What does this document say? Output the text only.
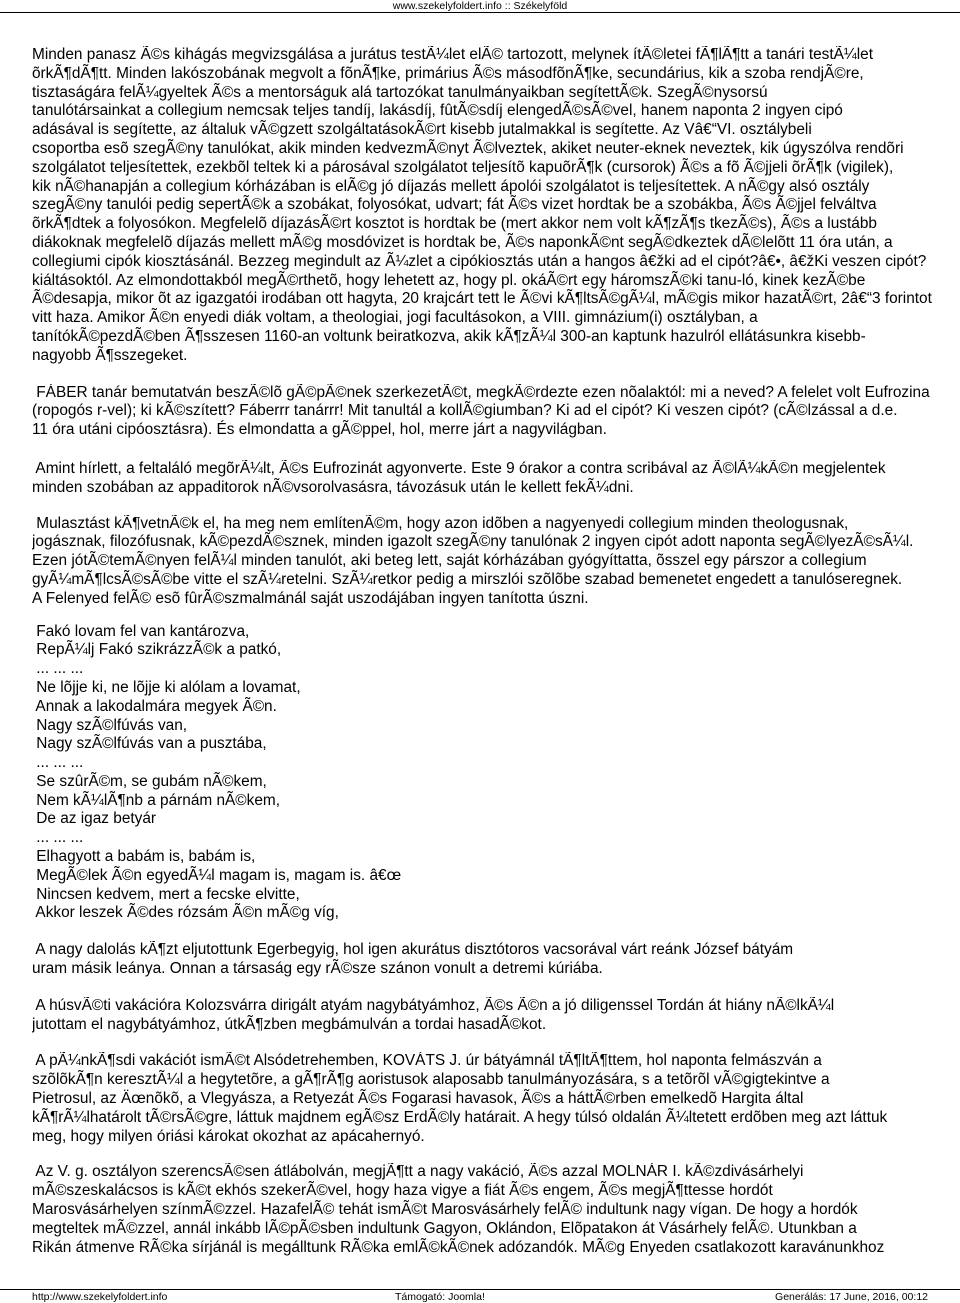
www.szekelyfoldert.info :: Székelyföld

Minden panasz Ã©s kihágás megvizsgálása a jurátus testÃ¼let elÃ© tartozott, melynek ítÃ©letei fÃ¶lÃ¶tt a tanári testÃ¼let
õrkÃ¶dÃ¶tt. Minden lakószobának megvolt a fõnÃ¶ke, primárius Ã©s másodfõnÃ¶ke, secundárius, kik a szoba rendjÃ©re,
tisztaságára felÃ¼gyeltek Ã©s a mentorságuk alá tartozókat tanulmányaikban segítettÃ©k. SzegÃ©nysorsú
tanulótársainkat a collegium nemcsak teljes tandíj, lakásdíj, fûtÃ©sdíj elengedÃ©sÃ©vel, hanem naponta 2 ingyen cipó
adásával is segítette, az általuk vÃ©gzett szolgáltatásokÃ©rt kisebb jutalmakkal is segítette. Az Vâ€“VI. osztálybeli
csoportba esõ szegÃ©ny tanulókat, akik minden kedvezmÃ©nyt Ã©lveztek, akiket neuter-eknek neveztek, kik úgyszólva rendõri
szolgálatot teljesítettek, ezekbõl teltek ki a párosával szolgálatot teljesítõ kapuõrÃ¶k (cursorok) Ã©s a fõ Ã©jjeli õrÃ¶k (vigilek),
kik nÃ©hanapján a collegium kórházában is elÃ©g jó díjazás mellett ápolói szolgálatot is teljesítettek. A nÃ©gy alsó osztály
szegÃ©ny tanulói pedig sepertÃ©k a szobákat, folyosókat, udvart; fát Ã©s vizet hordtak be a szobákba, Ã©s Ã©jjel felváltva
õrkÃ¶dtek a folyosókon. Megfelelõ díjazásÃ©rt kosztot is hordtak be (mert akkor nem volt kÃ¶zÃ¶s tkezÃ©s), Ã©s a lustább
diákoknak megfelelõ díjazás mellett mÃ©g mosdóvizet is hordtak be, Ã©s naponkÃ©nt segÃ©dkeztek dÃ©lelõtt 11 óra után, a
collegiumi cipók kiosztásánál. Bezzeg megindult az Ã¼zlet a cipókiosztás után a hangos â€žki ad el cipót?â€•, â€žKi veszen cipót?
kiáltásoktól. Az elmondottakból megÃ©rthetõ, hogy lehetett az, hogy pl. okáÃ©rt egy háromszÃ©ki tanu-ló, kinek kezÃ©be
Ã©desapja, mikor õt az igazgatói irodában ott hagyta, 20 krajcárt tett le Ã©vi kÃ¶ltsÃ©gÃ¼l, mÃ©gis mikor hazatÃ©rt, 2â€“3 forintot
vitt haza. Amikor Ã©n enyedi diák voltam, a theologiai, jogi facultásokon, a VIII. gimnázium(i) osztályban, a
tanítókÃ©pezdÃ©ben Ã¶sszesen 1160-an voltunk beiratkozva, akik kÃ¶zÃ¼l 300-an kaptunk hazulról ellátásunkra kisebb-
nagyobb Ã¶sszegeket.

FÁBER tanár bemutatván beszÃ©lõ gÃ©pÃ©nek szerkezetÃ©t, megkÃ©rdezte ezen nõalaktól: mi a neved? A felelet volt Eufrozina
(ropogós r-vel); ki kÃ©szített? Fáberrr tanárrr! Mit tanultál a kollÃ©giumban? Ki ad el cipót? Ki veszen cipót? (cÃ©lzással a d.e.
11 óra utáni cipóosztásra). És elmondatta a gÃ©ppel, hol, merre járt a nagyvilágban.

Amint hírlett, a feltaláló megõrÃ¼lt, Ã©s Eufrozinát agyonverte. Este 9 órakor a contra scribával az Ã©lÃ¼kÃ©n megjelentek
minden szobában az appaditorok nÃ©vsorolvasásra, távozásuk után le kellett fekÃ¼dni.

Mulasztást kÃ¶vetnÃ©k el, ha meg nem említenÃ©m, hogy azon idõben a nagyenyedi collegium minden theologusnak,
jogásznak, filozófusnak, kÃ©pezdÃ©sznek, minden igazolt szegÃ©ny tanulónak 2 ingyen cipót adott naponta segÃ©lyezÃ©sÃ¼l.
Ezen jótÃ©temÃ©nyen felÃ¼l minden tanulót, aki beteg lett, saját kórházában gyógyíttatta, õsszel egy párszor a collegium
gyÃ¼mÃ¶lcsÃ©sÃ©be vitte el szÃ¼retelni. SzÃ¼retkor pedig a mirszlói szõlõbe szabad bemenetet engedett a tanulóseregnek.
A Felenyed felÃ© esõ fûrÃ©szmalmánál saját uszodájában ingyen tanította úszni.

Fakó lovam fel van kantározva,
RepÃ¼lj Fakó szikrázzÃ©k a patkó,
... ... ...
Ne lõjje ki, ne lõjje ki alólam a lovamat,
Annak a lakodalmára megyek Ã©n.
Nagy szÃ©lfúvás van,
Nagy szÃ©lfúvás van a pusztába,
... ... ...
Se szûrÃ©m, se gubám nÃ©kem,
Nem kÃ¼lÃ¶nb a párnám nÃ©kem,
De az igaz betyár
... ... ...
Elhagyott a babám is, babám is,
MegÃ©lek Ã©n egyedÃ¼l magam is, magam is. â€œ
Nincsen kedvem, mert a fecske elvitte,
Akkor leszek Ã©des rózsám Ã©n mÃ©g víg,

A nagy dalolás kÃ¶zt eljutottunk Egerbegyig, hol igen akurátus disztótoros vacsorával várt reánk József bátyám
uram másik leánya. Onnan a társaság egy rÃ©sze szánon vonult a detremi kúriába.

A húsvÃ©ti vakációra Kolozsvárra dirigált atyám nagybátyámhoz, Ã©s Ã©n a jó diligenssel Tordán át hiány nÃ©lkÃ¼l
jutottam el nagybátyámhoz, útkÃ¶zben megbámulván a tordai hasadÃ©kot.

A pÃ¼nkÃ¶sdi vakációt ismÃ©t Alsódetrehemben, KOVÁTS J. úr bátyámnál tÃ¶ltÃ¶ttem, hol naponta felmászván a
szõlõkÃ¶n keresztÃ¼l a hegytetõre, a gÃ¶rÃ¶g aoristusok alaposabb tanulmányozására, s a tetõrõl vÃ©gigtekintve a
Pietrosul, az Äœnõkõ, a Vlegyásza, a Retyezát Ã©s Fogarasi havasok, Ã©s a háttÃ©rben emelkedõ Hargita által
kÃ¶rÃ¼lhatárolt tÃ©rsÃ©gre, láttuk majdnem egÃ©sz ErdÃ©ly határait. A hegy túlsó oldalán Ã¼ltetett erdõben meg azt láttuk
meg, hogy milyen óriási károkat okozhat az apácahernyó.

Az V. g. osztályon szerencsÃ©sen átlábolván, megjÃ¶tt a nagy vakáció, Ã©s azzal MOLNÁR I. kÃ©zdivásárhelyi
mÃ©szeskalácsos is kÃ©t ekhós szekerÃ©vel, hogy haza vigye a fiát Ã©s engem, Ã©s megjÃ¶ttesse hordót
Marosvásárhelyen színmÃ©zzel. HazafelÃ© tehát ismÃ©t Marosvásárhely felÃ© indultunk nagy vígan. De hogy a hordók
megteltek mÃ©zzel, annál inkább lÃ©pÃ©sben indultunk Gagyon, Oklándon, Elõpatakon át Vásárhely felÃ©. Utunkban a
Rikán átmenve RÃ©ka sírjánál is megálltunk RÃ©ka emlÃ©kÃ©nek adózandók. MÃ©g Enyeden csatlakozott karavánunkhoz

http://www.szekelyfoldert.info	Támogató: Joomla!	Generálás: 17 June, 2016, 00:12
